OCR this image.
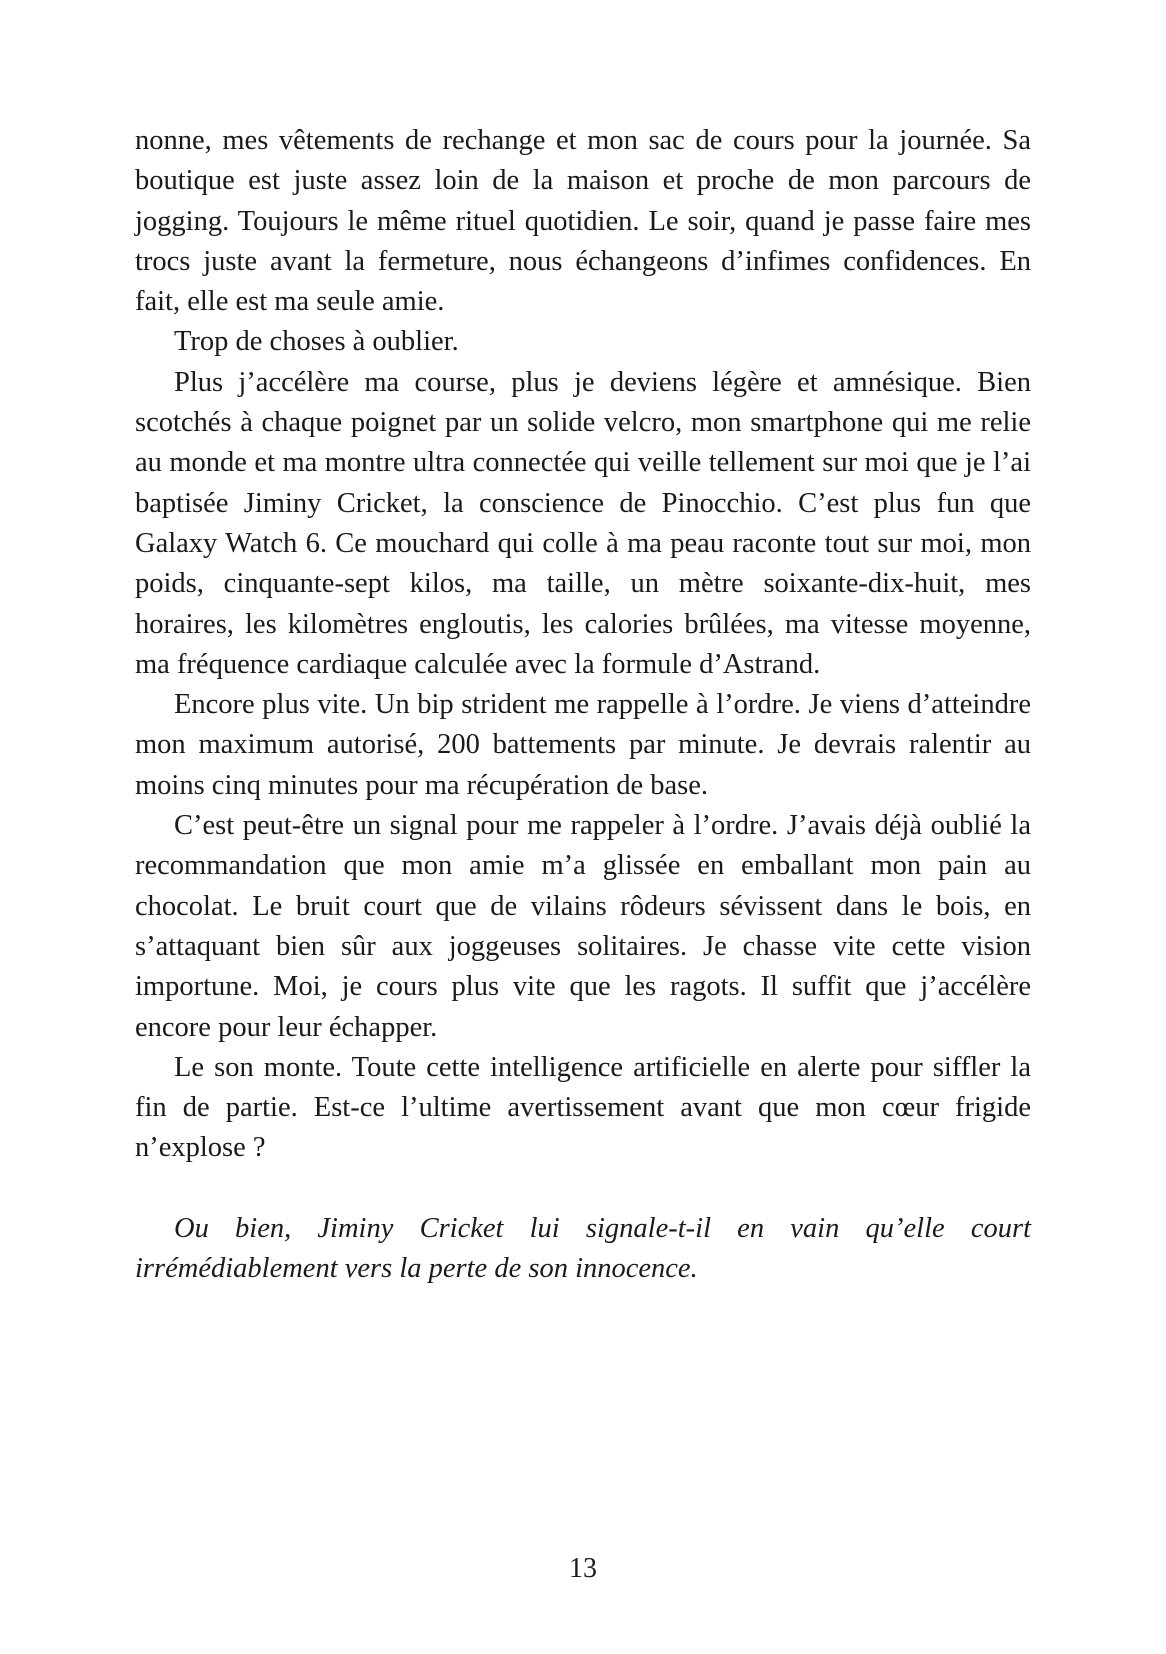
nonne, mes vêtements de rechange et mon sac de cours pour la journée. Sa boutique est juste assez loin de la maison et proche de mon parcours de jogging. Toujours le même rituel quotidien. Le soir, quand je passe faire mes trocs juste avant la fermeture, nous échangeons d’infimes confidences. En fait, elle est ma seule amie.

Trop de choses à oublier.

Plus j’accélère ma course, plus je deviens légère et amnésique. Bien scotchés à chaque poignet par un solide velcro, mon smartphone qui me relie au monde et ma montre ultra connectée qui veille tellement sur moi que je l’ai baptisée Jiminy Cricket, la conscience de Pinocchio. C’est plus fun que Galaxy Watch 6. Ce mouchard qui colle à ma peau raconte tout sur moi, mon poids, cinquante-sept kilos, ma taille, un mètre soixante-dix-huit, mes horaires, les kilomètres engloutis, les calories brûlées, ma vitesse moyenne, ma fréquence cardiaque calculée avec la formule d’Astrand.

Encore plus vite. Un bip strident me rappelle à l’ordre. Je viens d’atteindre mon maximum autorisé, 200 battements par minute. Je devrais ralentir au moins cinq minutes pour ma récupération de base.

C’est peut-être un signal pour me rappeler à l’ordre. J’avais déjà oublié la recommandation que mon amie m’a glissée en emballant mon pain au chocolat. Le bruit court que de vilains rôdeurs sévissent dans le bois, en s’attaquant bien sûr aux joggeuses solitaires. Je chasse vite cette vision importune. Moi, je cours plus vite que les ragots. Il suffit que j’accélère encore pour leur échapper.

Le son monte. Toute cette intelligence artificielle en alerte pour siffler la fin de partie. Est-ce l’ultime avertissement avant que mon cœur frigide n’explose ?

Ou bien, Jiminy Cricket lui signale-t-il en vain qu’elle court irrémédiablement vers la perte de son innocence.

13
